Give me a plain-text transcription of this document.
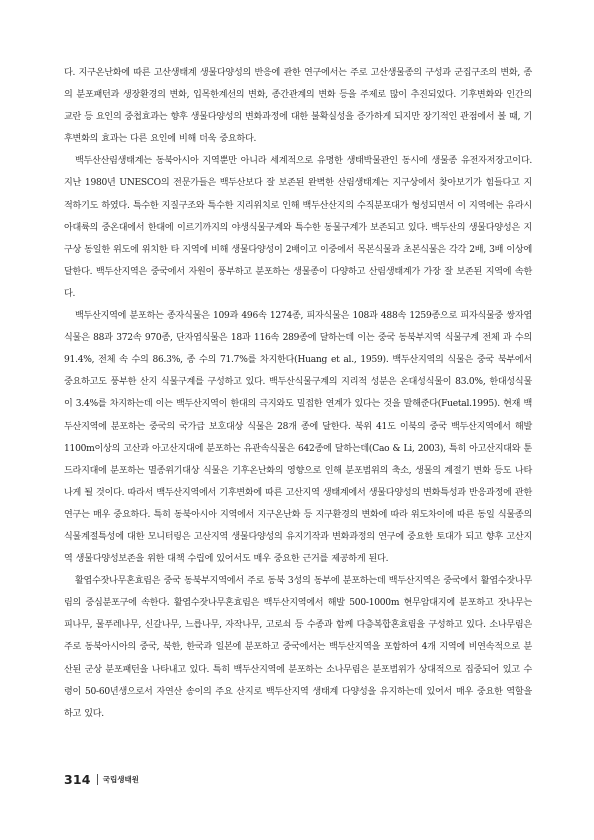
다. 지구온난화에 따른 고산생태계 생물다양성의 반응에 관한 연구에서는 주로 고산생물종의 구성과 군집구조의 변화, 종의 분포패턴과 생장환경의 변화, 입목한계선의 변화, 종간관계의 변화 등을 주제로 많이 추진되었다. 기후변화와 인간의 교란 등 요인의 중첩효과는 향후 생물다양성의 변화과정에 대한 불확실성을 증가하게 되지만 장기적인 관점에서 볼 때, 기후변화의 효과는 다른 요인에 비해 더욱 중요하다.

백두산산림생태계는 동북아시아 지역뿐만 아니라 세계적으로 유명한 생태박물관인 동시에 생물종 유전자저장고이다. 지난 1980년 UNESCO의 전문가들은 백두산보다 잘 보존된 완벽한 산림생태계는 지구상에서 찾아보기가 힘들다고 지적하기도 하였다. 특수한 지질구조와 특수한 지리위치로 인해 백두산산지의 수직분포대가 형성되면서 이 지역에는 유라시아대륙의 중온대에서 한대에 이르기까지의 야생식물구계와 특수한 동물구계가 보존되고 있다. 백두산의 생물다양성은 지구상 동일한 위도에 위치한 타 지역에 비해 생물다양성이 2배이고 이중에서 목본식물과 초본식물은 각각 2배, 3배 이상에 달한다. 백두산지역은 중국에서 자원이 풍부하고 분포하는 생물종이 다양하고 산림생태계가 가장 잘 보존된 지역에 속한다.

백두산지역에 분포하는 종자식물은 109과 496속 1274종, 피자식물은 108과 488속 1259종으로 피자식물중 쌍자엽식물은 88과 372속 970종, 단자엽식물은 18과 116속 289종에 달하는데 이는 중국 동북부지역 식물구계 전체 과 수의 91.4%, 전체 속 수의 86.3%, 종 수의 71.7%를 차지한다(Huang et al., 1959). 백두산지역의 식물은 중국 북부에서 중요하고도 풍부한 산지 식물구계를 구성하고 있다. 백두산식물구계의 지리적 성분은 온대성식물이 83.0%, 한대성식물이 3.4%를 차지하는데 이는 백두산지역이 한대의 극지와도 밀접한 연계가 있다는 것을 말해준다(Fuetal.1995). 현재 백두산지역에 분포하는 중국의 국가급 보호대상 식물은 28개 종에 달한다. 북위 41도 이북의 중국 백두산지역에서 해발 1100m이상의 고산과 아고산지대에 분포하는 유관속식물은 642종에 달하는데(Cao & Li, 2003), 특히 아고산지대와 툰드라지대에 분포하는 멸종위기대상 식물은 기후온난화의 영향으로 인해 분포범위의 축소, 생물의 계절기 변화 등도 나타나게 될 것이다. 따라서 백두산지역에서 기후변화에 따른 고산지역 생태계에서 생물다양성의 변화특성과 반응과정에 관한 연구는 매우 중요하다. 특히 동북아시아 지역에서 지구온난화 등 지구환경의 변화에 따라 위도차이에 따른 동일 식물종의 식물계절특성에 대한 모니터링은 고산지역 생물다양성의 유지기작과 변화과정의 연구에 중요한 토대가 되고 향후 고산지역 생물다양성보존을 위한 대책 수립에 있어서도 매우 중요한 근거를 제공하게 된다.

활엽수잣나무혼효림은 중국 동북부지역에서 주로 동북 3성의 동부에 분포하는데 백두산지역은 중국에서 활엽수잣나무림의 중심분포구에 속한다. 활엽수잣나무혼효림은 백두산지역에서 해발 500-1000m 현무암대지에 분포하고 잣나무는 피나무, 물푸레나무, 신갈나무, 느릅나무, 자작나무, 고로쇠 등 수종과 함께 다층복합혼효림을 구성하고 있다. 소나무림은 주로 동북아시아의 중국, 북한, 한국과 일본에 분포하고 중국에서는 백두산지역을 포함하여 4개 지역에 비연속적으로 분산된 군상 분포패턴을 나타내고 있다. 특히 백두산지역에 분포하는 소나무림은 분포범위가 상대적으로 집중되어 있고 수령이 50-60년생으로서 자연산 송이의 주요 산지로 백두산지역 생태계 다양성을 유지하는데 있어서 매우 중요한 역할을 하고 있다.

314 국립생태원
